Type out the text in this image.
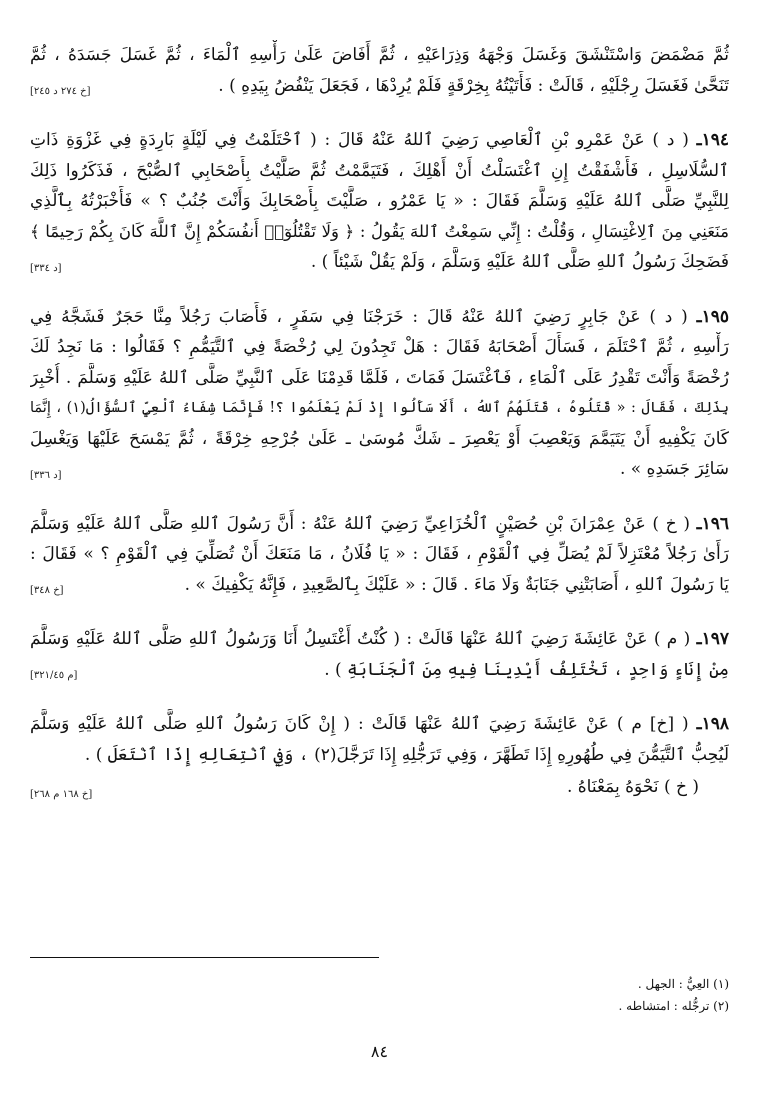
ثُمَّ مَضْمَضَ وَاسْتَنْشَقَ وَغَسَلَ وَجْهَهُ وَذِرَاعَيْهِ ، ثُمَّ أَفَاضَ عَلَىٰ رَأْسِهِ ٱلْمَاءَ ، ثُمَّ غَسَلَ جَسَدَهُ ، ثُمَّ
تَنَحَّىٰ فَغَسَلَ رِجْلَيْهِ ، قَالَتْ : فَأَتَيْتُهُ بِخِرْقَةٍ فَلَمْ يُرِدْهَا ، فَجَعَلَ يَنْفُضُ بِيَدِهِ ) .
[خ ٢٧٤ د ٢٤٥]
١٩٤ـ ( د ) عَنْ عَمْرِو بْنِ ٱلْعَاصِي رَضِيَ ٱللهُ عَنْهُ قَالَ : ( ٱحْتَلَمْتُ فِي لَيْلَةٍ بَارِدَةٍ فِي غَزْوَةِ ذَاتِ
ٱلسُّلَاسِلِ ، فَأَشْفَقْتُ إِنِ ٱغْتَسَلْتُ أَنْ أَهْلِكَ ، فَتَيَمَّمْتُ ثُمَّ صَلَّيْتُ بِأَصْحَابِي ٱلصُّبْحَ ، فَذَكَرُوا ذَلِكَ
لِلنَّبِيِّ صَلَّى ٱللهُ عَلَيْهِ وَسَلَّمَ فَقَالَ : « يَا عَمْرُو ، صَلَّيْتَ بِأَصْحَابِكَ وَأَنْتَ جُنُبٌ ؟ » فَأَخْبَرْتُهُ بِٱلَّذِي
مَنَعَنِي مِنَ ٱلِاغْتِسَالِ ، وَقُلْتُ : إِنِّي سَمِعْتُ ٱللهَ يَقُولُ : ﴿ وَلَا تَقْتُلُوٓا۟ أَنفُسَكُمْ إِنَّ ٱللَّهَ كَانَ بِكُمْ رَحِيمًا ﴾
فَضَحِكَ رَسُولُ ٱللهِ صَلَّى ٱللهُ عَلَيْهِ وَسَلَّمَ ، وَلَمْ يَقُلْ شَيْئاً ) .
[د ٣٣٤]
١٩٥ـ ( د ) عَنْ جَابِرٍ رَضِيَ ٱللهُ عَنْهُ قَالَ : خَرَجْنَا فِي سَفَرٍ ، فَأَصَابَ رَجُلاً مِنَّا حَجَرٌ فَشَجَّهُ فِي
رَأْسِهِ ، ثُمَّ ٱحْتَلَمَ ، فَسَأَلَ أَصْحَابَهُ فَقَالَ : هَلْ تَجِدُونَ لِي رُخْصَةً فِي ٱلتَّيَمُّمِ ؟ فَقَالُوا : مَا نَجِدُ لَكَ
رُخْصَةً وَأَنْتَ تَقْدِرُ عَلَى ٱلْمَاءِ ، فَٱغْتَسَلَ فَمَاتَ ، فَلَمَّا قَدِمْنَا عَلَى ٱلنَّبِيِّ صَلَّى ٱللهُ عَلَيْهِ وَسَلَّمَ . أُخْبِرَ
بِذَلِكَ ، فَقَالَ : « قَتَلُوهُ ، قَتَلَهُمُ ٱللهُ ، أَلَا سَأَلُوا إِذْ لَمْ يَعْلَمُوا ؟! فَإِنَّمَا شِفَاءُ ٱلْعِيِّ ٱلسُّؤَالُ(١) ، إِنَّمَا
كَانَ يَكْفِيهِ أَنْ يَتَيَمَّمَ وَيَعْصِبَ أَوْ يَعْصِرَ ـ شَكَّ مُوسَىٰ ـ عَلَىٰ جُرْحِهِ خِرْقَةً ، ثُمَّ يَمْسَحَ عَلَيْهَا وَيَغْسِلَ
سَائِرَ جَسَدِهِ » .
[د ٣٣٦]
١٩٦ـ ( خ ) عَنْ عِمْرَانَ بْنِ حُصَيْنٍ ٱلْخُزَاعِيِّ رَضِيَ ٱللهُ عَنْهُ : أَنَّ رَسُولَ ٱللهِ صَلَّى ٱللهُ عَلَيْهِ وَسَلَّمَ
رَأَىٰ رَجُلاً مُعْتَزِلاً لَمْ يُصَلِّ فِي ٱلْقَوْمِ ، فَقَالَ : « يَا فُلَانُ ، مَا مَنَعَكَ أَنْ تُصَلِّيَ فِي ٱلْقَوْمِ ؟ » فَقَالَ :
يَا رَسُولَ ٱللهِ ، أَصَابَتْنِي جَنَابَةٌ وَلَا مَاءَ . قَالَ : « عَلَيْكَ بِٱلصَّعِيدِ ، فَإِنَّهُ يَكْفِيكَ » .
[خ ٣٤٨]
١٩٧ـ ( م ) عَنْ عَائِشَةَ رَضِيَ ٱللهُ عَنْهَا قَالَتْ : ( كُنْتُ أَغْتَسِلُ أَنَا وَرَسُولُ ٱللهِ صَلَّى ٱللهُ عَلَيْهِ وَسَلَّمَ
مِنْ إِنَاءٍ وَاحِدٍ ، تَخْتَلِفُ أَيْدِينَا فِيهِ مِنَ ٱلْجَنَابَةِ ) .
[م ٣٢١/٤٥]
١٩٨ـ ( [خ] م ) عَنْ عَائِشَةَ رَضِيَ ٱللهُ عَنْهَا قَالَتْ : ( إِنْ كَانَ رَسُولُ ٱللهِ صَلَّى ٱللهُ عَلَيْهِ وَسَلَّمَ
لَيُحِبُّ ٱلتَّيَمُّنَ فِي طُهُورِهِ إِذَا تَطَهَّرَ ، وَفِي تَرَجُّلِهِ إِذَا تَرَجَّلَ(٢) ، وَفِي ٱنْتِعَالِهِ إِذَا ٱنْتَعَلَ ) .
( خ ) نَحْوَهُ بِمَعْنَاهُ .
[خ ١٦٨ م ٢٦٨]
(١) العِيُّ : الجهل .
(٢) ترجُّله : امتشاطه .
٨٤
